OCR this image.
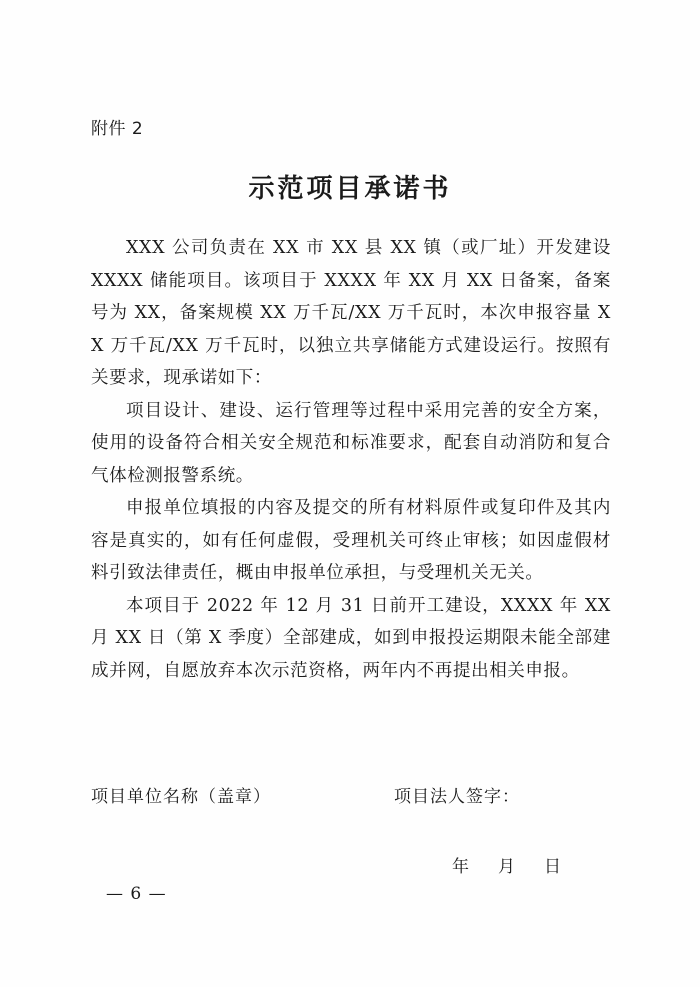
附件 2
示范项目承诺书

XXX 公司负责在 XX 市 XX 县 XX 镇（或厂址）开发建设 XXXX 储能项目。该项目于 XXXX 年 XX 月 XX 日备案，备案号为 XX，备案规模 XX 万千瓦/XX 万千瓦时，本次申报容量 XX 万千瓦/XX 万千瓦时，以独立共享储能方式建设运行。按照有关要求，现承诺如下：

项目设计、建设、运行管理等过程中采用完善的安全方案，使用的设备符合相关安全规范和标准要求，配套自动消防和复合气体检测报警系统。

申报单位填报的内容及提交的所有材料原件或复印件及其内容是真实的，如有任何虚假，受理机关可终止审核；如因虚假材料引致法律责任，概由申报单位承担，与受理机关无关。

本项目于 2022 年 12 月 31 日前开工建设，XXXX 年 XX 月 XX 日（第 X 季度）全部建成，如到申报投运期限未能全部建成并网，自愿放弃本次示范资格，两年内不再提出相关申报。

项目单位名称（盖章）	项目法人签字：
年 月 日
— 6 —
